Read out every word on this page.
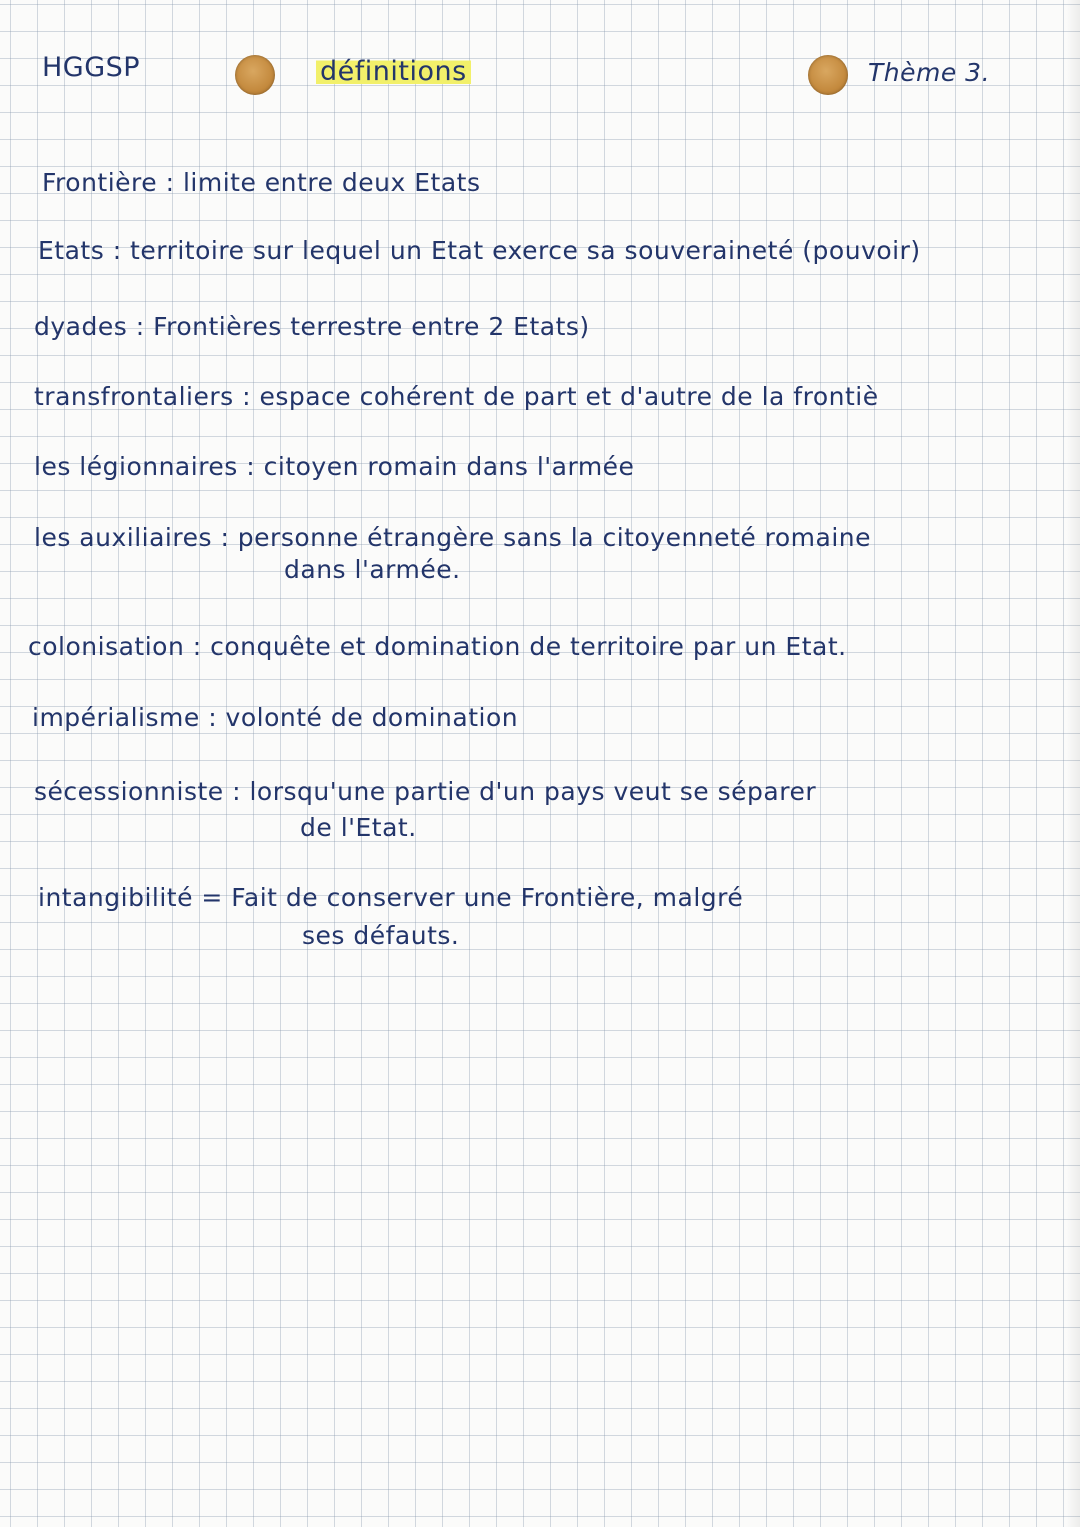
HGGSP	définitions	Thème 3.
Frontière : limite entre deux Etats
Etats : territoire sur lequel un Etat exerce sa souveraineté (pouvoir)
dyades : Frontières terrestre entre 2 Etats)
transfrontaliers : espace cohérent de part et d'autre de la frontiè
les légionnaires : citoyen romain dans l'armée
les auxiliaires : personne étrangère sans la citoyenneté romaine
dans l'armée.
colonisation : conquête et domination de territoire par un Etat.
impérialisme : volonté de domination
sécessionniste : lorsqu'une partie d'un pays veut se séparer
de l'Etat.
intangibilité = Fait de conserver une Frontière, malgré
ses défauts.
